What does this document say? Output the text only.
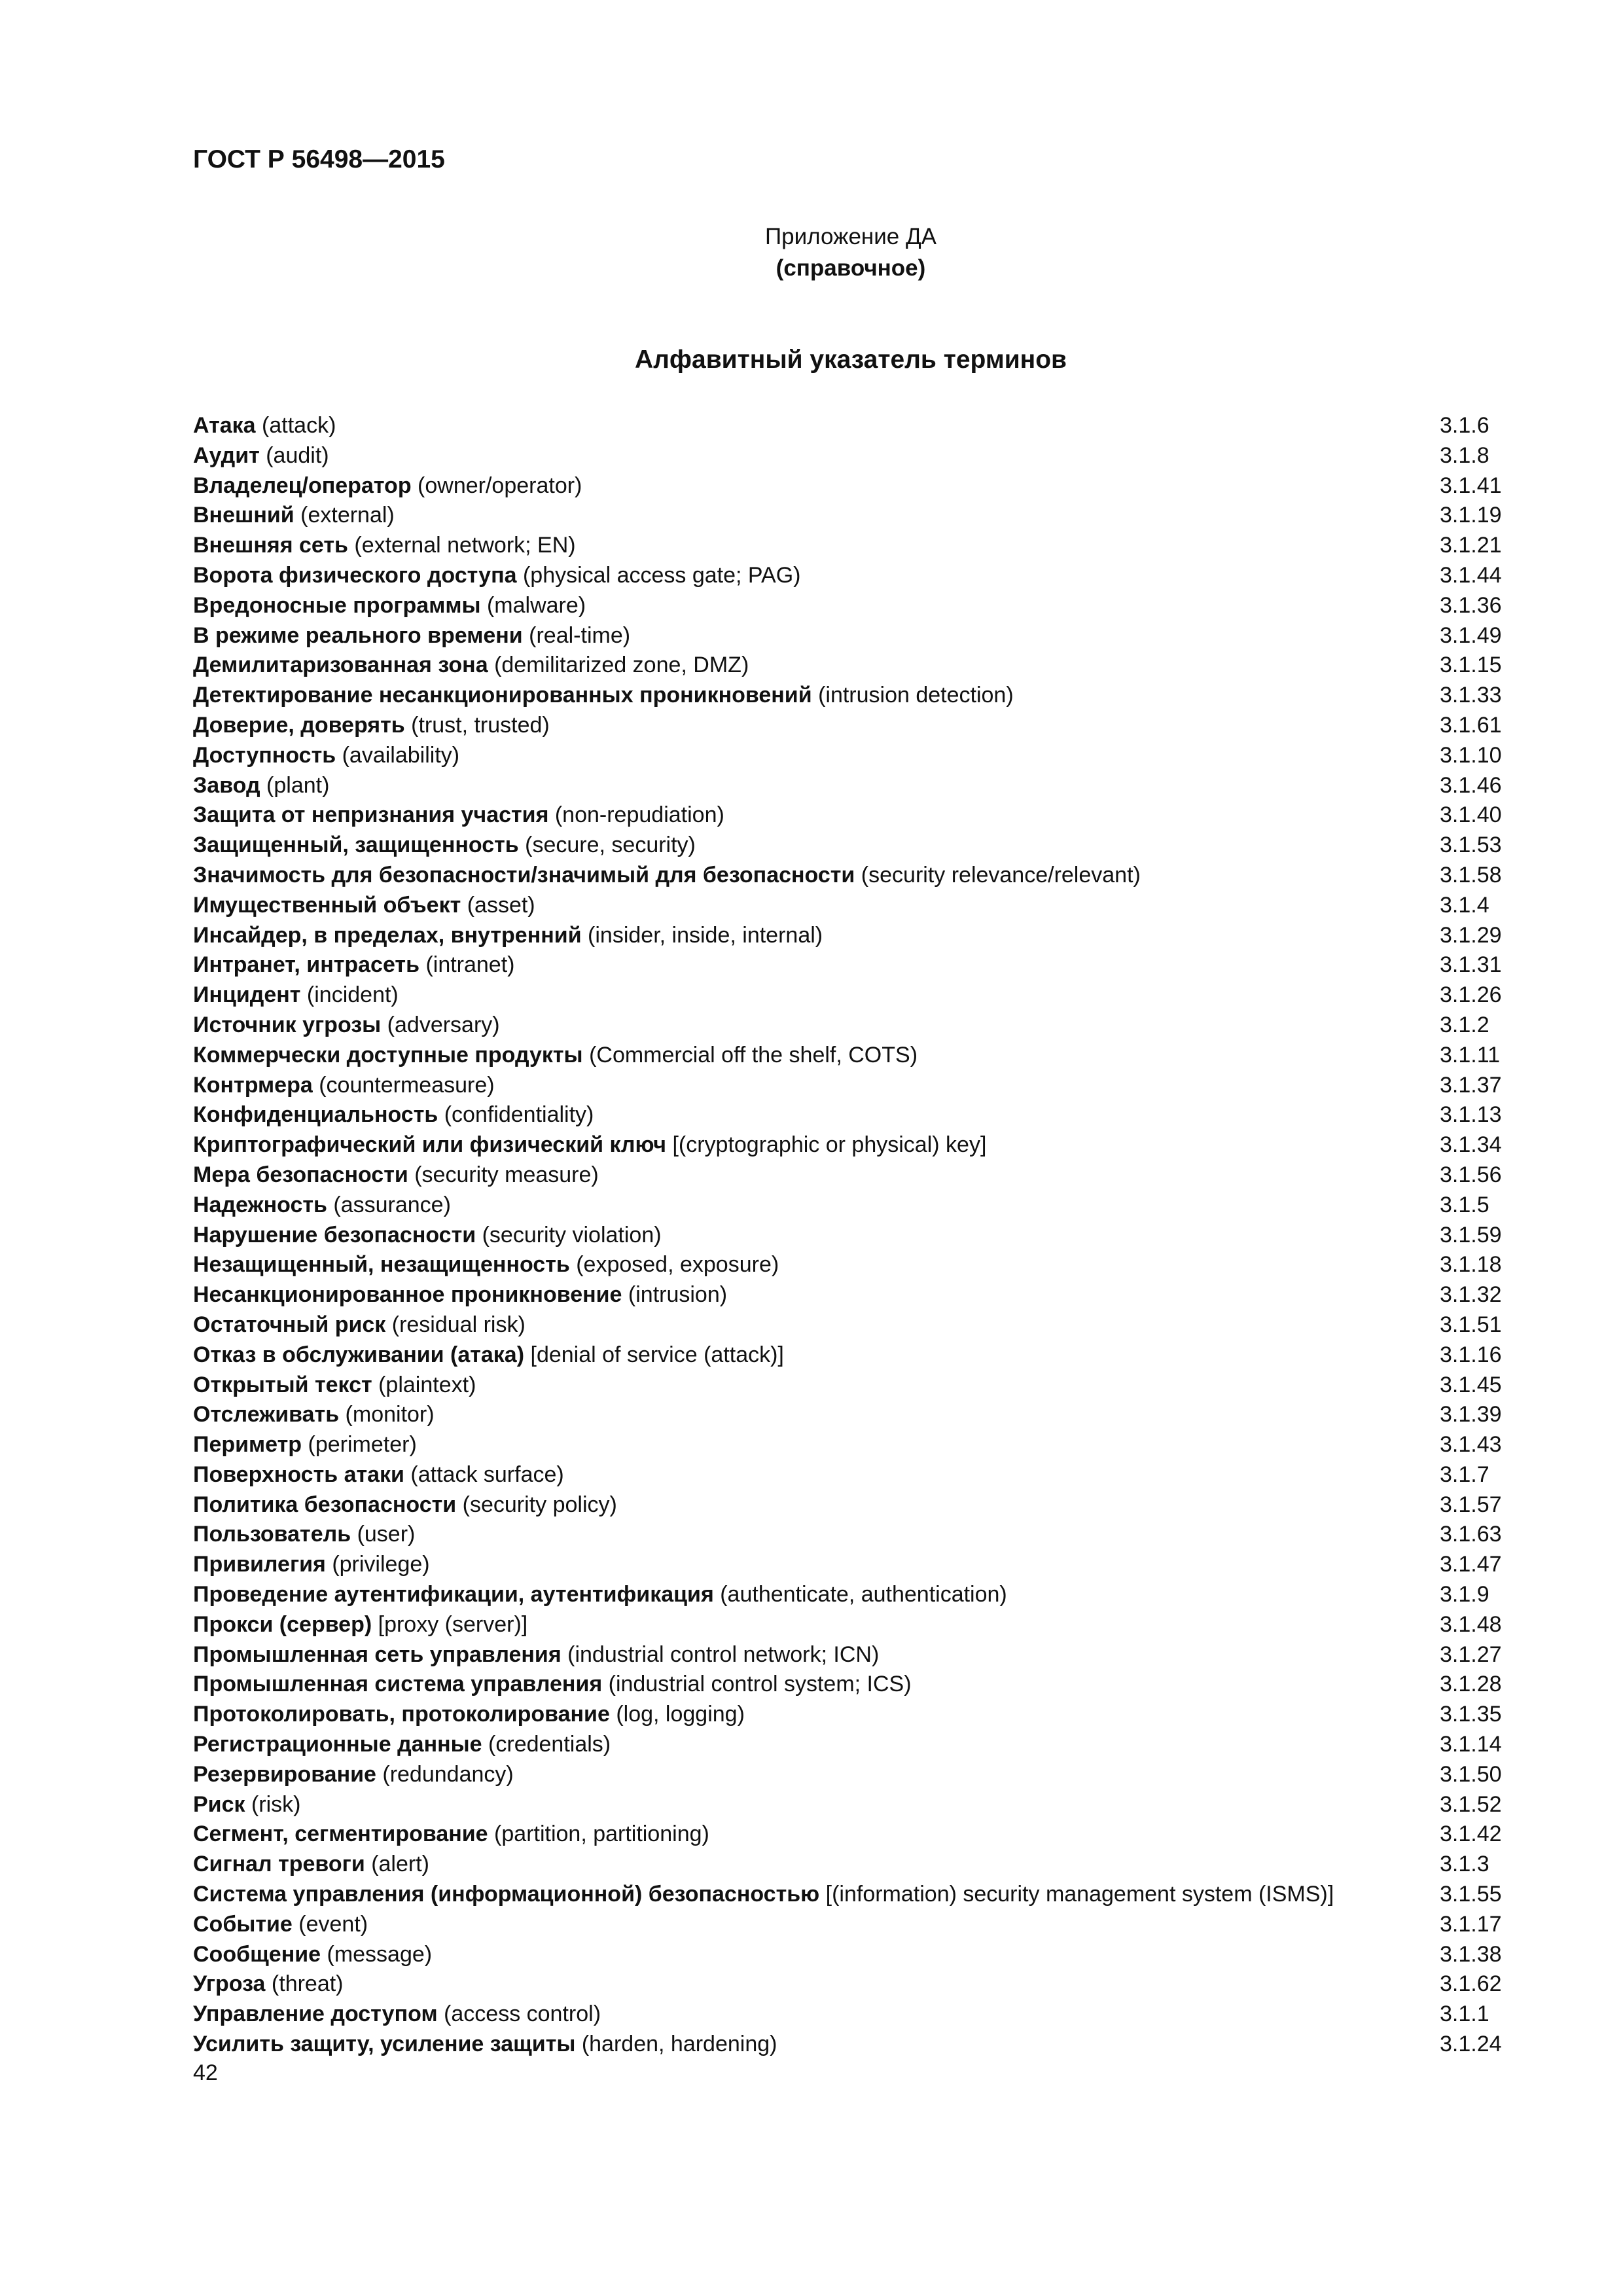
ГОСТ Р 56498—2015
Приложение ДА
(справочное)
Алфавитный указатель терминов
Атака (attack)	3.1.6
Аудит (audit)	3.1.8
Владелец/оператор (owner/operator)	3.1.41
Внешний (external)	3.1.19
Внешняя сеть (external network; EN)	3.1.21
Ворота физического доступа (physical access gate; PAG)	3.1.44
Вредоносные программы (malware)	3.1.36
В режиме реального времени (real-time)	3.1.49
Демилитаризованная зона (demilitarized zone, DMZ)	3.1.15
Детектирование несанкционированных проникновений (intrusion detection)	3.1.33
Доверие, доверять (trust, trusted)	3.1.61
Доступность (availability)	3.1.10
Завод (plant)	3.1.46
Защита от непризнания участия (non-repudiation)	3.1.40
Защищенный, защищенность (secure, security)	3.1.53
Значимость для безопасности/значимый для безопасности (security relevance/relevant)	3.1.58
Имущественный объект (asset)	3.1.4
Инсайдер, в пределах, внутренний (insider, inside, internal)	3.1.29
Интранет, интрасеть (intranet)	3.1.31
Инцидент (incident)	3.1.26
Источник угрозы (adversary)	3.1.2
Коммерчески доступные продукты (Commercial off the shelf, COTS)	3.1.11
Контрмера (countermeasure)	3.1.37
Конфиденциальность (confidentiality)	3.1.13
Криптографический или физический ключ [(cryptographic or physical) key]	3.1.34
Мера безопасности (security measure)	3.1.56
Надежность (assurance)	3.1.5
Нарушение безопасности (security violation)	3.1.59
Незащищенный, незащищенность (exposed, exposure)	3.1.18
Несанкционированное проникновение (intrusion)	3.1.32
Остаточный риск (residual risk)	3.1.51
Отказ в обслуживании (атака) [denial of service (attack)]	3.1.16
Открытый текст (plaintext)	3.1.45
Отслеживать (monitor)	3.1.39
Периметр (perimeter)	3.1.43
Поверхность атаки (attack surface)	3.1.7
Политика безопасности (security policy)	3.1.57
Пользователь (user)	3.1.63
Привилегия (privilege)	3.1.47
Проведение аутентификации, аутентификация (authenticate, authentication)	3.1.9
Прокси (сервер) [proxy (server)]	3.1.48
Промышленная сеть управления (industrial control network; ICN)	3.1.27
Промышленная система управления (industrial control system; ICS)	3.1.28
Протоколировать, протоколирование (log, logging)	3.1.35
Регистрационные данные (credentials)	3.1.14
Резервирование (redundancy)	3.1.50
Риск (risk)	3.1.52
Сегмент, сегментирование (partition, partitioning)	3.1.42
Сигнал тревоги (alert)	3.1.3
Система управления (информационной) безопасностью [(information) security management system (ISMS)]	3.1.55
Событие (event)	3.1.17
Сообщение (message)	3.1.38
Угроза (threat)	3.1.62
Управление доступом (access control)	3.1.1
Усилить защиту, усиление защиты (harden, hardening)	3.1.24
42
